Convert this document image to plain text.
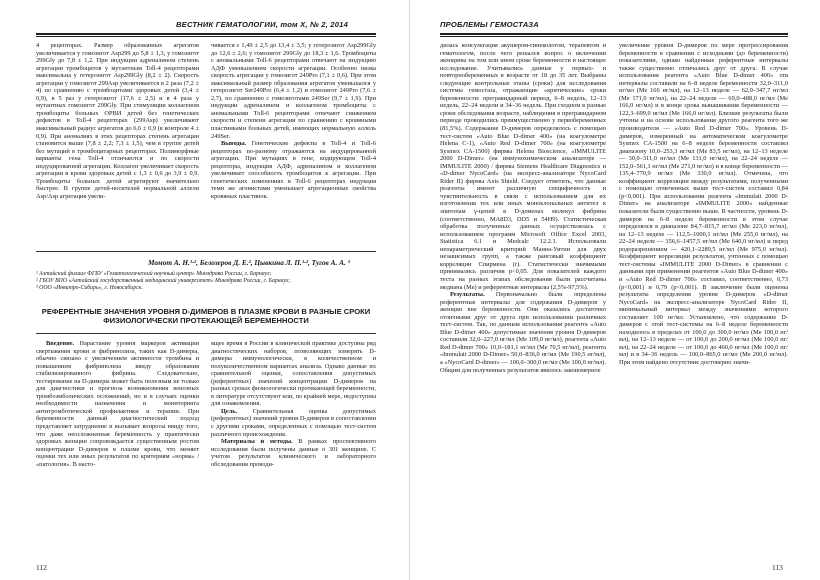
ВЕСТНИК ГЕМАТОЛОГИИ, том Х, № 2, 2014

4 рецепторах. Размер образованных агрегатов увеличивается у гомозигот Asp299 до 5,8 ± 1,3, у гомозигот 299Gly до 7,8 ± 1,2. При индукции адреналином степень агрегации тромбоцитов у мутантным Toll-4 рецепторами максимальна у гетерозигот Asp299Gly (8,2 ± 2). Скорость агрегации у гомозигот 299Asp увеличивается в 2 раза (7,2 ± 4) по сравнению с тромбоцитами здоровых детей (3,4 ± 0,9), в 5 раз у гетерозигот (17,6 ± 2,5) и в 4 раза у мутантных гомозигот 299Gly. При стимуляции коллагеном тромбоциты больных ОРВИ детей без генетических дефектов в Toll-4 рецепторах (299Asp) увеличивают максимальный радиус агрегатов до 6,6 ± 0,9 (в контроле 4 ± 0,9). При аномалиях в этих рецепторах степень агрегации становится выше (7,8 ± 2,2; 7,3 ± 1,5), чем в группе детей без мутаций в тромбоцитарных рецепторах. Полиморфные варианты гена Toll-4 отличаются и по скорости индуцированной агрегации. Коллаген увеличивает скорость агрегации в крови здоровых детей с 1,3 ± 0,6 до 3,9 ± 0,9. Тромбоциты больных детей агрегируют значительно быстрее. В группе детей-носителей нормальной аллели Asp/Asp агрегация увели-

чивается с 1,49 ± 2,5 до 13,4 ± 3,5; у гетерозигот Asp299Gly до 12,6 ± 2,6; у гомозигот 299Gly до 18,3 ± 1,6. Тромбоциты с аномальными Toll-6 рецепторами отвечают на индукцию АДФ уменьшением скорости агрегации. Особенно низка скорость агрегации у гомозигот 249Pro (7,1 ± 0,6). При этом максимальный размер образования агрегатов уменьшался у гетерозигот Ser249Pro (6,4 ± 1,2) и гомозигот 249Pro (7,6 ± 2,7), по сравнению с гомозиготами 249Ser (9,7 ± 1,9). При индукции адреналином и коллагеном тромбоциты с аномальными Toll-6 рецепторами отвечают снижением скорости и степени агрегации по сравнению с кровяными пластинками больных детей, имеющих нормальную аллель 249Ser.

Выводы. Генетические дефекты в Toll-4 и Toll-6 рецепторах по-разному отражаются на индуцированной агрегации. При мутациях в гене, кодирующем Toll-4 рецепторы, индукция АДФ, адреналином и коллагеном увеличивает способность тромбоцитов к агрегации. При генетических изменениях в Toll-6 рецепторах индукция теми же агонистами уменьшает агрегационные свойства кровяных пластинок.

Момот А. Н.¹·², Белозеров Д. Е.², Цывкина Л. П.¹·², Тугов А. А. ³
¹ Алтайский филиал ФГБУ «Гематологический научный центр» Минздрава России, г. Барнаул;
² ГБОУ ВПО «Алтайский государственный медицинский университет» Минздрава России, г. Барнаул;
³ ООО «Инвитро-Сибирь», г. Новосибирск.
РЕФЕРЕНТНЫЕ ЗНАЧЕНИЯ УРОВНЯ D-ДИМЕРОВ В ПЛАЗМЕ КРОВИ В РАЗНЫЕ СРОКИ ФИЗИОЛОГИЧЕСКИ ПРОТЕКАЮЩЕЙ БЕРЕМЕННОСТИ

Введение. Нарастание уровня маркеров активации свертывания крови и фибринолиза, таких как D-димеры, обычно связано с увеличением активности тромбина и повышением фибринолиза ввиду образования стабилизированного фибрина. Следовательно, тестирование на D-димеры может быть полезным не только для диагностики и прогноза возникновения венозных тромбоэмболических осложнений, но и в случаях оценки необходимости назначения и мониторинга антитромботической профилактики и терапии. При беременности данный диагностический подход представляет затруднение и вызывает вопросы ввиду того, что даже неосложненная беременность у практически здоровых женщин сопровождается существенным ростом концентрации D-димеров в плазме крови, что меняет оценки тех или иных результатов по критериям «норма» / «патология». В насто-

ящее время в России в клинической практике доступны ряд диагностических наборов, позволяющих измерять D-димеры иммунологически, в количественном и полуколичественном вариантах анализа. Однако данные их сравнительной оценки, сопоставления допустимых (референтных) значений концентрации D-димеров на разных сроках физиологически протекающей беременности, в литературе отсутствуют или, по крайней мере, недоступны для ознакомления.

Цель. Сравнительная оценка допустимых (референтных) значений уровня D-димеров в сопоставлении с другими сроками, определенных с помощью тест-систем различного происхождения.

Материалы и методы. В рамках проспективного исследования были получены данные о 301 женщине. С учетом результатов клинического и лабораторного обследования проводи-

112
ПРОБЛЕМЫ ГЕМОСТАЗА

дилась консультация акушером-гинекологом, терапевтом и гематологом, после чего решался вопрос о включении женщины на том или ином сроке беременности в настоящее исследование. Учитывались данные у первых- и повторнобеременных в возрасте от 18 до 35 лет. Выбраны следующие контрольные этапы (сроки) для исследования системы гемостаза, отражающие «критические» сроки беременности: прегравидарный период, 6–8 недель, 12–13 недель, 22–24 недели и 34–36 недель. При сходном в разные сроки обследования возрасте, наблюдения в прегравидарном периоде проводились преимущественно у первобеременных (81,5%). Содержание D-димеров определялось с помощью тест-систем «Auto Blue D-dimer 400» (на коагулометре Helena С-1), «Auto Red D-dimer 700» (на коагулометре Sysmex CA-1500) фирмы Helena Bioscience, «IMMULITE 2000 D-Dimer» (на иммунохимическом анализаторе — IMMULITE 2000) / фирмы Siemens Healthcare Diagnostics и «D-dimer NycoCard» (на экспресс-анализаторе NycoCard Rider II) фирмы Axis Shield. Следует отметить, что данные реагенты имеют различную специфичность и чувствительность в связи с использованием для их изготовления тех или иных моноклональных антител к эпитопам γ-цепей в D-доменах молекул фибрина (соответственно, MA8D3, DD5 и 54H9). Статистическая обработка полученных данных осуществлялась с использованием программ Microsoft Office Excel 2003, Statistica 6.1 и Medcalc 12.2.1. Использовали непараметрический критерий Манна-Уитни для двух независимых групп, а также ранговый коэффициент корреляции Спирмена (r). Статистически значимыми принимались различия р<0,05. Для показателей каждого теста на разных этапах обследования были рассчитаны медиана (Me) и референтные интервалы (2,5%-97,5%).

Результаты. Первоначально были определены референтные интервалы для содержания D-димеров у женщин вне беременности. Они оказались достаточно отличными друг от друга при использовании различных тест-систем. Так, по данным использования реагента «Auto Blue D-dimer 400» допустимые значения уровня D-димеров составили 32,0–227,0 нг/мл (Me 109,0 нг/мл), реагента «Auto Red D-dimer 700» 10,0–181,1 нг/мл (Me 70,5 нг/мл), реагента «Immulait 2000 D-Dimer» 50,0–836,0 нг/мл (Me 190,5 нг/мл), а «NycoCard D-dimer» — 100,0–300,0 нг/мл (Me 100,0 нг/мл). Общим для полученных результатов явилось закономерное

увеличение уровня D-димеров по мере прогрессирования беременности в сравнении с исходными (до беременности) показателями, однако найденные референтные интервалы также существенно отличались друг от друга. В случае использования реагента «Auto Blue D-dimer 400» эти интервалы составили на 6–8 неделе беременности 32,0–311,0 нг/мл (Me 166 нг/мл), на 12–13 неделе — 62,0–347,7 нг/мл (Me 171,0 нг/мл), на 22–24 неделе — 69,0–488,0 нг/мл (Me 166,0 нг/мл) и в конце срока вынашивания беременности — 122,3–699,0 нг/мл (Me 166,0 нг/мл). Близкие результаты были учтены и на основе использования другого реагента того же производителя — «Auto Red D-dimer 700». Уровень D-димеров, измеренный на автоматическом коагулометре Sysmex CA-1500 на 6–8 неделе беременности составлял диапазону 10,0–253,3 нг/мл (Me 83,5 нг/мл), на 12–13 неделе — 30,0–311,0 нг/мл (Me 131,0 нг/мл), на 22–24 неделе — 152,0–561,1 нг/мл (Me 271,0 нг/мл) и в конце беременности — 135,4–770,9 нг/мл (Me 330,0 нг/мл). Отмечена, что коэффициент корреляции между результатами, полученными с помощью отмеченных выше тест-систем составил 0,84 (р<0,001). При использовании реагента «Immulait 2000 D-Dimer» на анализаторе «IMMULITE 2000» найденные показатели были существенно выше. В частности, уровень D-димеров на 6–8 неделе беременности в этом случае определялся в диапазоне 84,7–815,7 нг/мл (Me 223,0 нг/мл), на 12–13 неделе — 112,5–1000,1 нг/мл (Me 255,0 нг/мл), на 22–24 неделе — 356,6–1457,5 нг/мл (Me 640,0 нг/мл) и перед родоразрешением — 420,1–2289,5 нг/мл (Me 975,0 нг/мл). Коэффициент корреляции результатов, учтенных с помощью тест-системы «IMMULITE 2000 D-Dimer» в сравнении с данными при применении реагентов «Auto Blue D-dimer 400» и «Auto Red D-dimer 700» составил, соответственно, 0,73 (р<0,001) и 0,79 (р<0,001). В заключение были оценены результаты определения уровня D-димеров «D-dimer NycoCard» на экспресс-анализаторе NycoCard Rider II, минимальный интервал между значениями которого составляет 100 нг/мл. Установлено, что содержание D-димеров с этой тест-системы на 6–8 неделе беременности находилось в пределах от 100,0 до 300,0 нг/мл (Me 100,0 нг/мл), на 12–13 неделе — от 100,0 до 200,0 нг/мл (Me 100,0 нг/мл), на 22–24 неделе — от 100,0 до 460,0 нг/мл (Me 100,0 нг/мл) и в 34–36 недель — 100,0–865,0 нг/мл (Me 200,0 нг/мл). При этом найдено отсутствие достоверно значи-

113
